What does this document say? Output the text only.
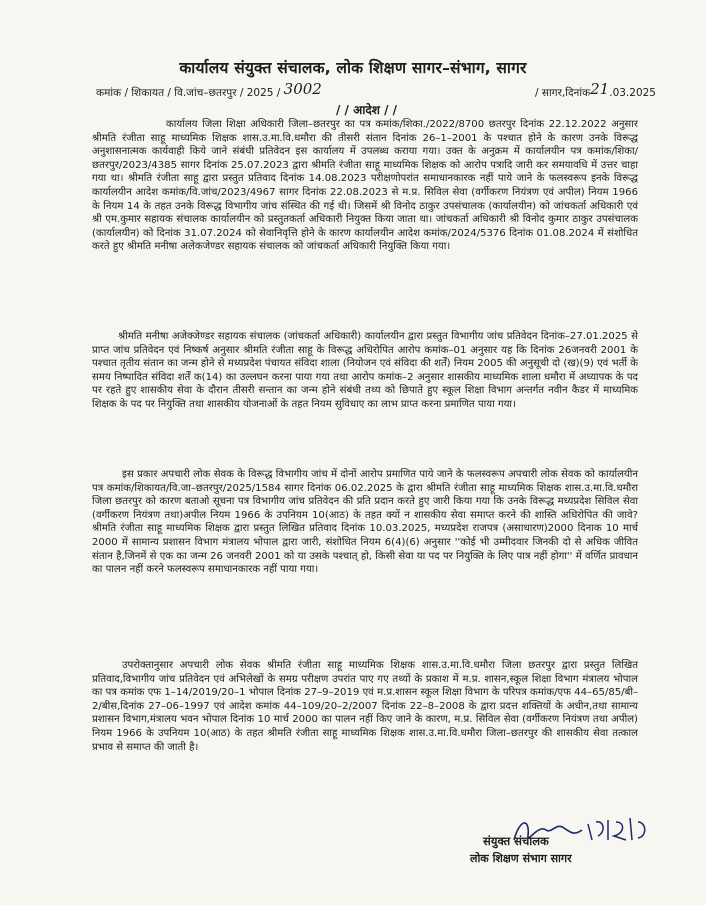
कार्यालय संयुक्त संचालक, लोक शिक्षण सागर–संभाग, सागर
कमांक / शिकायत / वि.जांच–छतरपुर / 2025 / 3002	/ सागर,दिनांक21.03.2025
/ / आदेश / /
कार्यालय जिला शिक्षा अधिकारी जिला–छतरपुर का पत्र कमांक/शिका./2022/8700 छतरपुर दिनांक 22.12.2022 अनुसार श्रीमति रंजीता साहू माध्यमिक शिक्षक शास.उ.मा.वि.धमौरा की तीसरी संतान दिनांक 26–1–2001 के पश्चात होने के कारण उनके विरूद्ध अनुशासनात्मक कार्यवाही किये जाने संबंधी प्रतिवेदन इस कार्यालय में उपलब्ध कराया गया। उक्त के अनुक्रम में कार्यालयीन पत्र कमांक/शिका/छतरपुर/2023/4385 सागर दिनांक 25.07.2023 द्वारा श्रीमति रंजीता साहू माध्यमिक शिक्षक को आरोप पत्रादि जारी कर समयावधि में उत्तर चाहा गया था। श्रीमति रंजीता साहू द्वारा प्रस्तुत प्रतिवाद दिनांक 14.08.2023 परीक्षणोपरांत समाधानकारक नहीं पाये जाने के फलस्वरूप इनके विरूद्ध कार्यालयीन आदेश कमांक/वि.जांच/2023/4967 सागर दिनांक 22.08.2023 से म.प्र. सिविल सेवा (वर्गीकरण नियंत्रण एवं अपील) नियम 1966 के नियम 14 के तहत उनके विरूद्ध विभागीय जांच संस्थित की गई थी। जिसमें श्री विनोद ठाकुर उपसंचालक (कार्यालयीन) को जांचकर्ता अधिकारी एवं श्री एम.कुमार सहायक संचालक कार्यालयीन को प्रस्तुतकर्ता अधिकारी नियुक्त किया जाता था। जांचकर्ता अधिकारी श्री विनोद कुमार ठाकुर उपसंचालक (कार्यालयीन) को दिनांक 31.07.2024 को सेवानिवृत्ति होने के कारण कार्यालयीन आदेश कमांक/2024/5376 दिनांक 01.08.2024 में संशोधित करते हुए श्रीमति मनीषा अलेकजेण्डर सहायक संचालक को जांचकर्ता अधिकारी नियुक्ति किया गया।
श्रीमति मनीषा अजेक्जेण्डर सहायक संचालक (जांचकर्ता अधिकारी) कार्यालयीन द्वारा प्रस्तुत विभागीय जांच प्रतिवेदन दिनांक–27.01.2025 से प्राप्त जांच प्रतिवेदन एवं निष्कर्ष अनुसार श्रीमति रंजीता साहू के विरूद्ध अधिरोपित आरोप कमांक–01 अनुसार यह कि दिनांक 26जनवरी 2001 के पश्चात तृतीय संतान का जन्म होने से मध्यप्रदेश पंचायत संविदा शाला (नियोजन एवं संविदा की शर्तें) नियम 2005 की अनुसूची दो (ख)(9) एवं भर्ती के समय निष्पादित संविदा शर्तें क(14) का उल्लघन करना पाया गया तथा आरोप कमांक–2 अनुसार शासकीय माध्यमिक शाला धमौरा में अध्यापक के पद पर रहते हुए शासकीय सेवा के दौरान तीसरी सन्तान का जन्म होने संबंधी तथ्य को छिपाते हुए स्कूल शिक्षा विभाग अन्तर्गत नवीन कैडर में माध्यमिक शिक्षक के पद पर नियुक्ति तथा शासकीय योजनाओं के तहत नियम सुविधाए का लाभ प्राप्त करना प्रमाणित पाया गया।
इस प्रकार अपचारी लोक सेवक के विरूद्ध विभागीय जांच में दोनों आरोप प्रमाणित पाये जाने के फलस्वरूप अपचारी लोक सेवक को कार्यालयीन पत्र कमांक/शिकायत/वि.जा–छतरपुर/2025/1584 सागर दिनांक 06.02.2025 के द्वारा श्रीमति रंजीता साहू माध्यमिक शिक्षक शास.उ.मा.वि.धमौरा जिला छतरपुर को कारण बताओ सूचना पत्र विभागीय जांच प्रतिवेदन की प्रति प्रदान करते हुए जारी किया गया कि उनके विरूद्ध मध्यप्रदेश सिविल सेवा (वर्गीकरण नियंत्रण तथा)अपील नियम 1966 के उपनियम 10(आठ) के तहत क्यों न शासकीय सेवा समाप्त करने की शास्ति अधिरोपित की जावे? श्रीमति रंजीता साहू माध्यमिक शिक्षक द्वारा प्रस्तुत लिखित प्रतिवाद दिनांक 10.03.2025, मध्यप्रदेश राजपत्र (असाधारण)2000 दिनाक 10 मार्च 2000 में सामान्य प्रशासन विभाग मंत्रालय भोपाल द्वारा जारी, संशोधित नियम 6(4)(6) अनुसार ''कोई भी उम्मीदवार जिनकी दो से अधिक जीवित संतान है,जिनमें से एक का जन्म 26 जनवरी 2001 को या उसके पश्चात् हो, किसी सेवा या पद पर नियुक्ति के लिए पात्र नहीं होगा'' में वर्णित प्रावधान का पालन नहीं करने फलस्वरूप समाधानकारक नहीं पाया गया।
उपरोक्तानुसार अपचारी लोक सेवक श्रीमति रंजीता साहू माध्यमिक शिक्षक शास.उ.मा.वि.धमौरा जिला छतरपुर द्वारा प्रस्तुत लिखित प्रतिवाद,विभागीय जांच प्रतिवेदन एवं अभिलेखों के समग्र परीक्षण उपरांत पाए गए तथ्यों के प्रकाश में म.प्र. शासन,स्कूल शिक्षा विभाग मंत्रालय भोपाल का पत्र कमांक एफ 1–14/2019/20–1 भोपाल दिनांक 27–9–2019 एवं म.प्र.शासन स्कूल शिक्षा विभाग के परिपत्र कमांक/एफ 44–65/85/बी–2/बीस,दिनांक 27–06–1997 एवं आदेश कमांक 44–109/20–2/2007 दिनांक 22–8–2008 के द्वारा प्रदत्त शक्तियों के अधीन,तथा सामान्य प्रशासन विभाग,मंत्रालय भवन भोपाल दिनांक 10 मार्च 2000 का पालन नहीं किए जाने के कारण, म.प्र. सिविल सेवा (वर्गीकरण नियंत्रण तथा अपील) नियम 1966 के उपनियम 10(आठ) के तहत श्रीमति रंजीता साहू माध्यमिक शिक्षक शास.उ.मा.वि.धमौरा जिला–छतरपुर की शासकीय सेवा तत्काल प्रभाव से समाप्त की जाती है।
संयुक्त संचालक
लोक शिक्षण संभाग सागर
